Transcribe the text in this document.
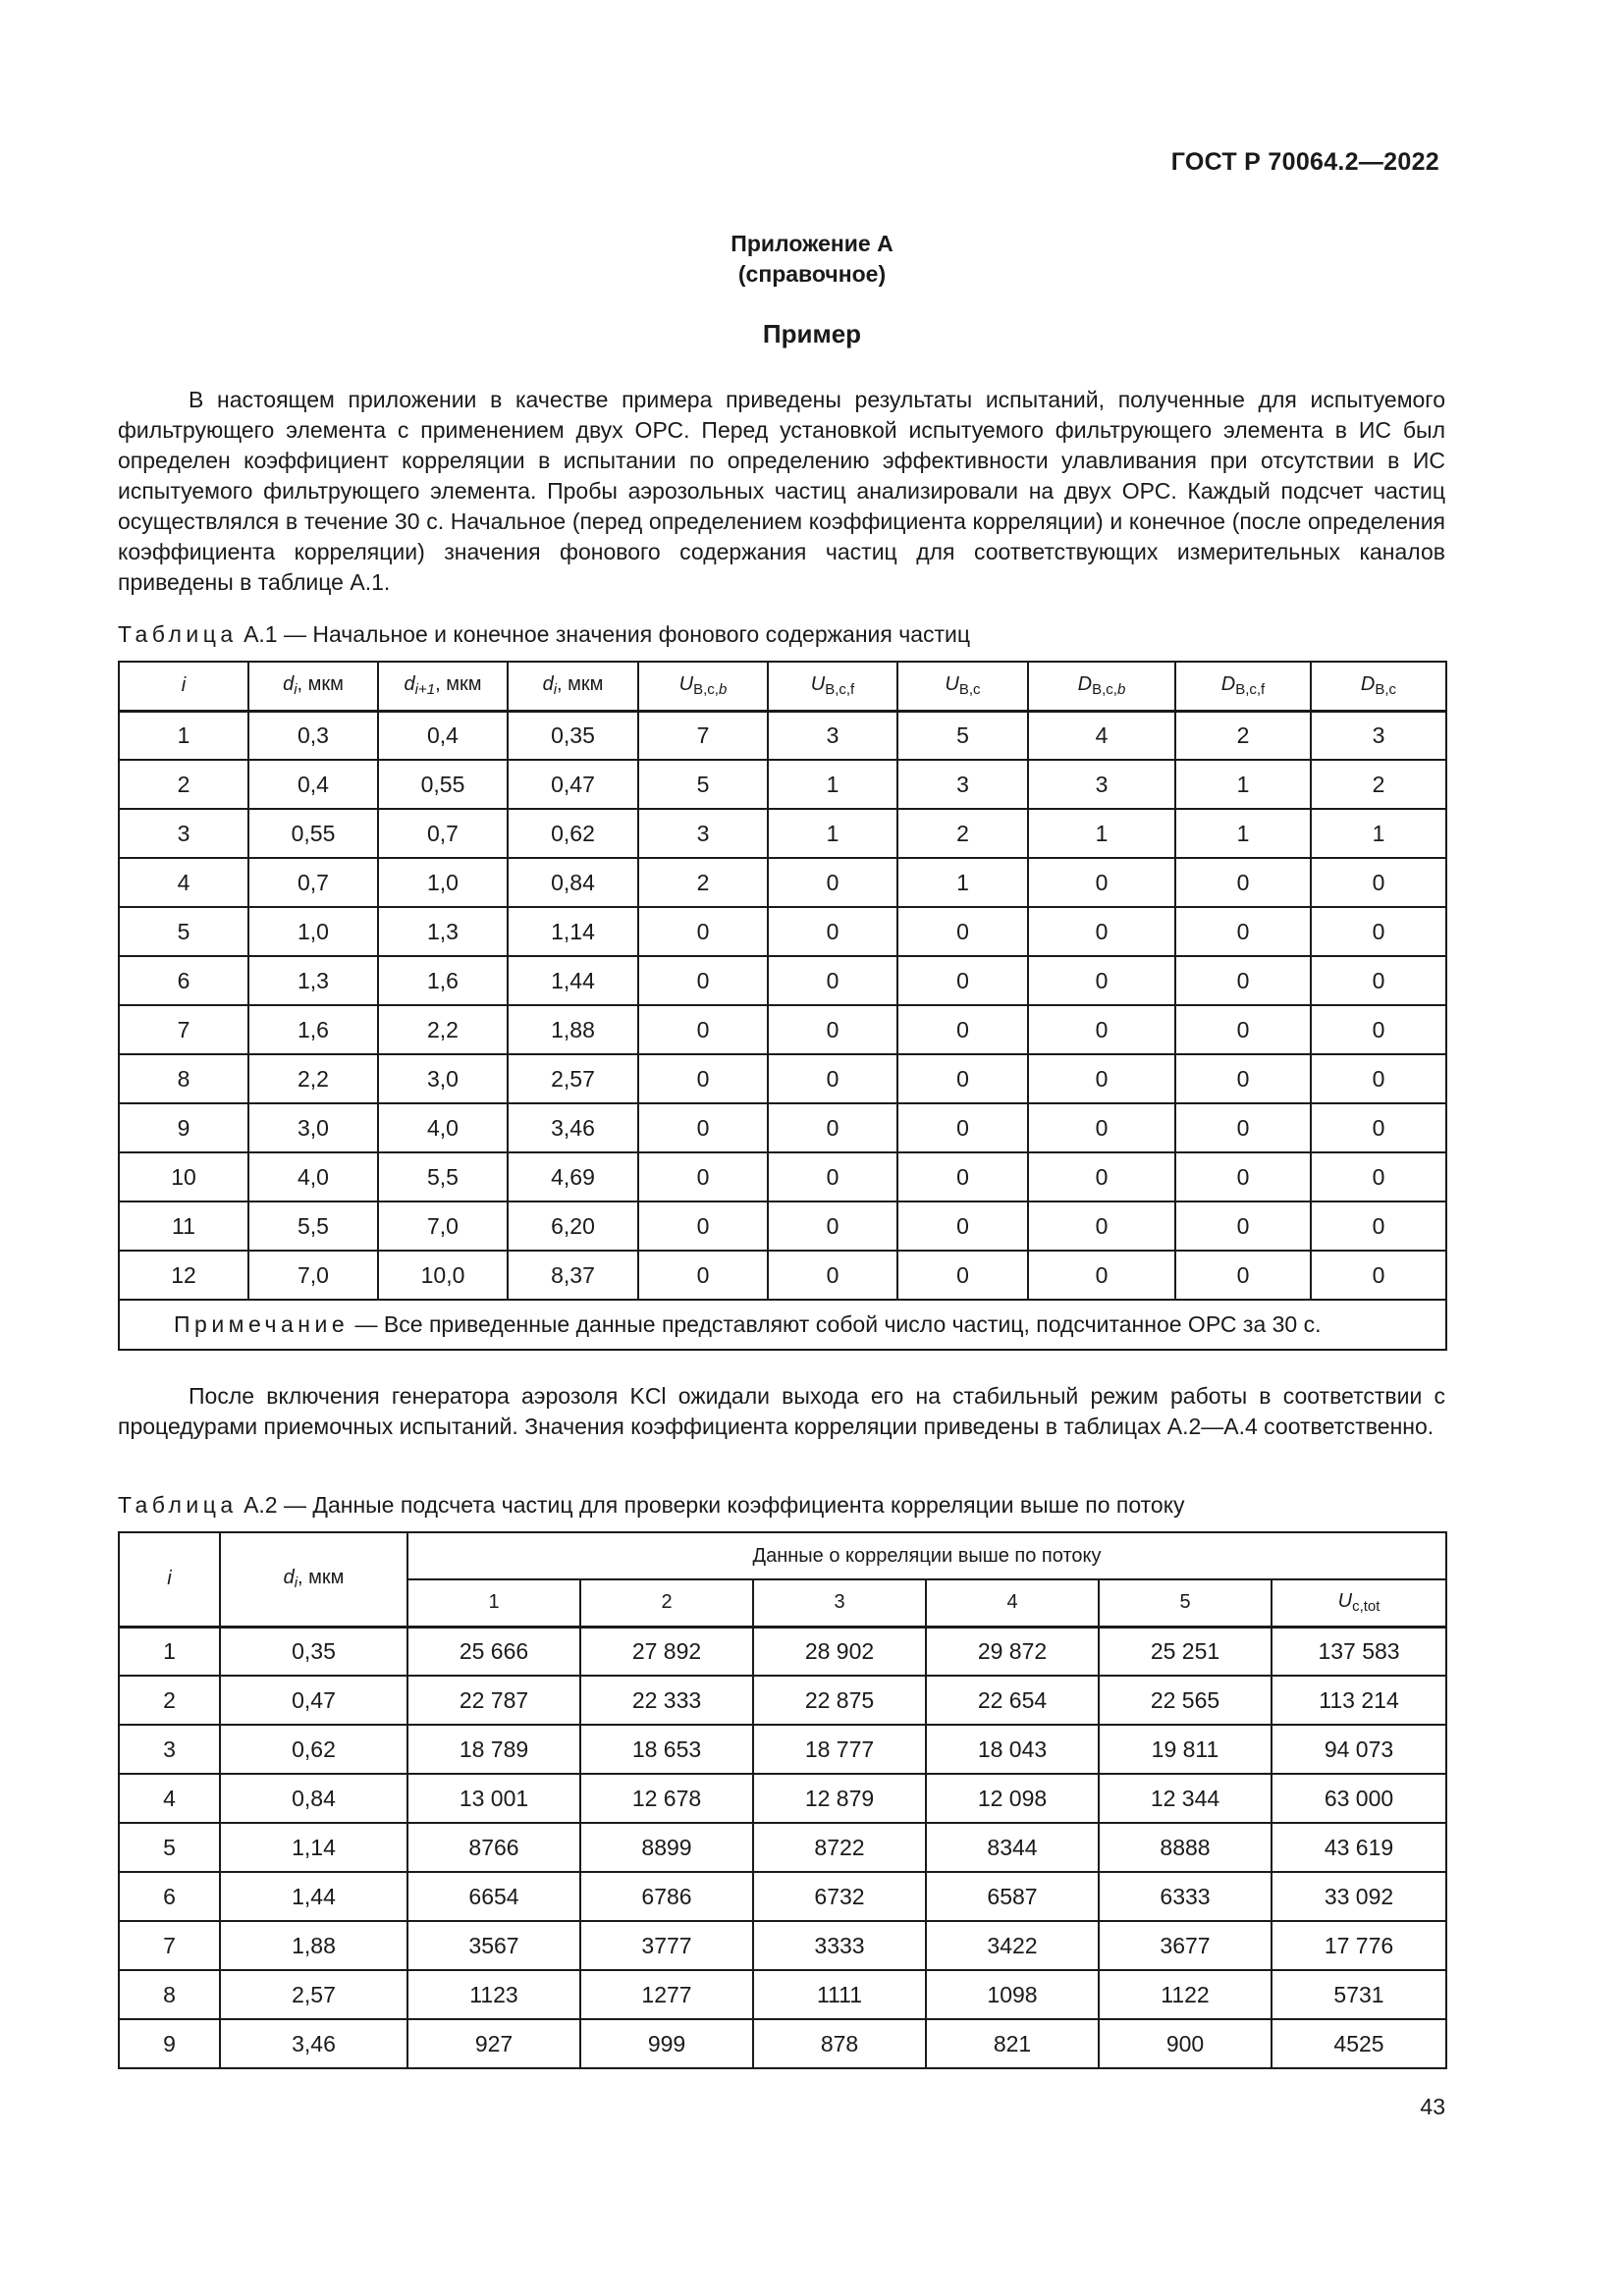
ГОСТ Р 70064.2—2022
Приложение А
(справочное)
Пример

В настоящем приложении в качестве примера приведены результаты испытаний, полученные для испытуемого фильтрующего элемента с применением двух ОРС. Перед установкой испытуемого фильтрующего элемента в ИС был определен коэффициент корреляции в испытании по определению эффективности улавливания при отсутствии в ИС испытуемого фильтрующего элемента. Пробы аэрозольных частиц анализировали на двух ОРС. Каждый подсчет частиц осуществлялся в течение 30 с. Начальное (перед определением коэффициента корреляции) и конечное (после определения коэффициента корреляции) значения фонового содержания частиц для соответствующих измерительных каналов приведены в таблице А.1.

Таблица А.1 — Начальное и конечное значения фонового содержания частиц
i	$d_i$, мкм	$d_{i+1}$, мкм	$d_i$, мкм	$U_{B,c,b}$	$U_{B,c,f}$	$U_{B,c}$	$D_{B,c,b}$	$D_{B,c,f}$	$D_{B,c}$
1	0,3	0,4	0,35	7	3	5	4	2	3
2	0,4	0,55	0,47	5	1	3	3	1	2
3	0,55	0,7	0,62	3	1	2	1	1	1
4	0,7	1,0	0,84	2	0	1	0	0	0
5	1,0	1,3	1,14	0	0	0	0	0	0
6	1,3	1,6	1,44	0	0	0	0	0	0
7	1,6	2,2	1,88	0	0	0	0	0	0
8	2,2	3,0	2,57	0	0	0	0	0	0
9	3,0	4,0	3,46	0	0	0	0	0	0
10	4,0	5,5	4,69	0	0	0	0	0	0
11	5,5	7,0	6,20	0	0	0	0	0	0
12	7,0	10,0	8,37	0	0	0	0	0	0
Примечание — Все приведенные данные представляют собой число частиц, подсчитанное ОРС за 30 с.									

После включения генератора аэрозоля KCl ожидали выхода его на стабильный режим работы в соответствии с процедурами приемочных испытаний. Значения коэффициента корреляции приведены в таблицах А.2—А.4 соответственно.

Таблица А.2 — Данные подсчета частиц для проверки коэффициента корреляции выше по потоку
i	$d_i$, мкм	Данные о корреляции выше по потоку					
		1	2	3	4	5	$U_{c,tot}$
1	0,35	25 666	27 892	28 902	29 872	25 251	137 583
2	0,47	22 787	22 333	22 875	22 654	22 565	113 214
3	0,62	18 789	18 653	18 777	18 043	19 811	94 073
4	0,84	13 001	12 678	12 879	12 098	12 344	63 000
5	1,14	8766	8899	8722	8344	8888	43 619
6	1,44	6654	6786	6732	6587	6333	33 092
7	1,88	3567	3777	3333	3422	3677	17 776
8	2,57	1123	1277	1111	1098	1122	5731
9	3,46	927	999	878	821	900	4525
43
